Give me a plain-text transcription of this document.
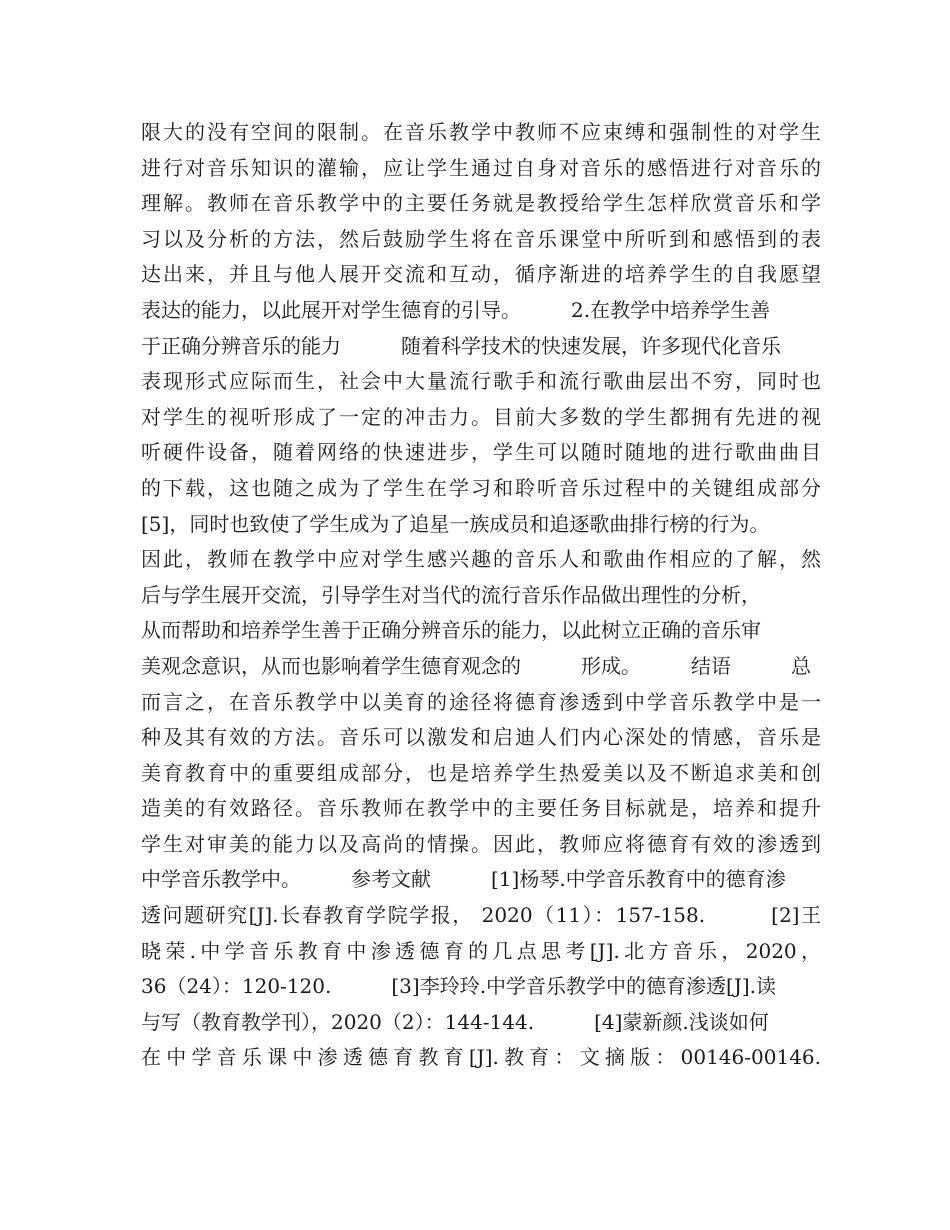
限大的没有空间的限制。在音乐教学中教师不应束缚和强制性的对学生
进行对音乐知识的灌输，应让学生通过自身对音乐的感悟进行对音乐的
理解。教师在音乐教学中的主要任务就是教授给学生怎样欣赏音乐和学
习以及分析的方法，然后鼓励学生将在音乐课堂中所听到和感悟到的表
达出来，并且与他人展开交流和互动，循序渐进的培养学生的自我愿望
表达的能力，以此展开对学生德育的引导。　　　2.在教学中培养学生善
于正确分辨音乐的能力　　　随着科学技术的快速发展，许多现代化音乐
表现形式应际而生，社会中大量流行歌手和流行歌曲层出不穷，同时也
对学生的视听形成了一定的冲击力。目前大多数的学生都拥有先进的视
听硬件设备，随着网络的快速进步，学生可以随时随地的进行歌曲曲目
的下载，这也随之成为了学生在学习和聆听音乐过程中的关键组成部分
[5]，同时也致使了学生成为了追星一族成员和追逐歌曲排行榜的行为。
因此，教师在教学中应对学生感兴趣的音乐人和歌曲作相应的了解，然
后与学生展开交流，引导学生对当代的流行音乐作品做出理性的分析，
从而帮助和培养学生善于正确分辨音乐的能力，以此树立正确的音乐审
美观念意识，从而也影响着学生德育观念的　　　形成。　　　结语　　　总
而言之，在音乐教学中以美育的途径将德育渗透到中学音乐教学中是一
种及其有效的方法。音乐可以激发和启迪人们内心深处的情感，音乐是
美育教育中的重要组成部分，也是培养学生热爱美以及不断追求美和创
造美的有效路径。音乐教师在教学中的主要任务目标就是，培养和提升
学生对审美的能力以及高尚的情操。因此，教师应将德育有效的渗透到
中学音乐教学中。　　　参考文献　　　[1]杨琴.中学音乐教育中的德育渗
透问题研究[J].长春教育学院学报， 2020（11）：157-158.　　　[2]王
晓荣.中学音乐教育中渗透德育的几点思考[J].北方音乐，2020，
36（24）：120-120.　　　[3]李玲玲.中学音乐教学中的德育渗透[J].读
与写（教育教学刊），2020（2）：144-144.　　　[4]蒙新颜.浅谈如何
在中学音乐课中渗透德育教育[J].教育：文摘版：00146-00146.
